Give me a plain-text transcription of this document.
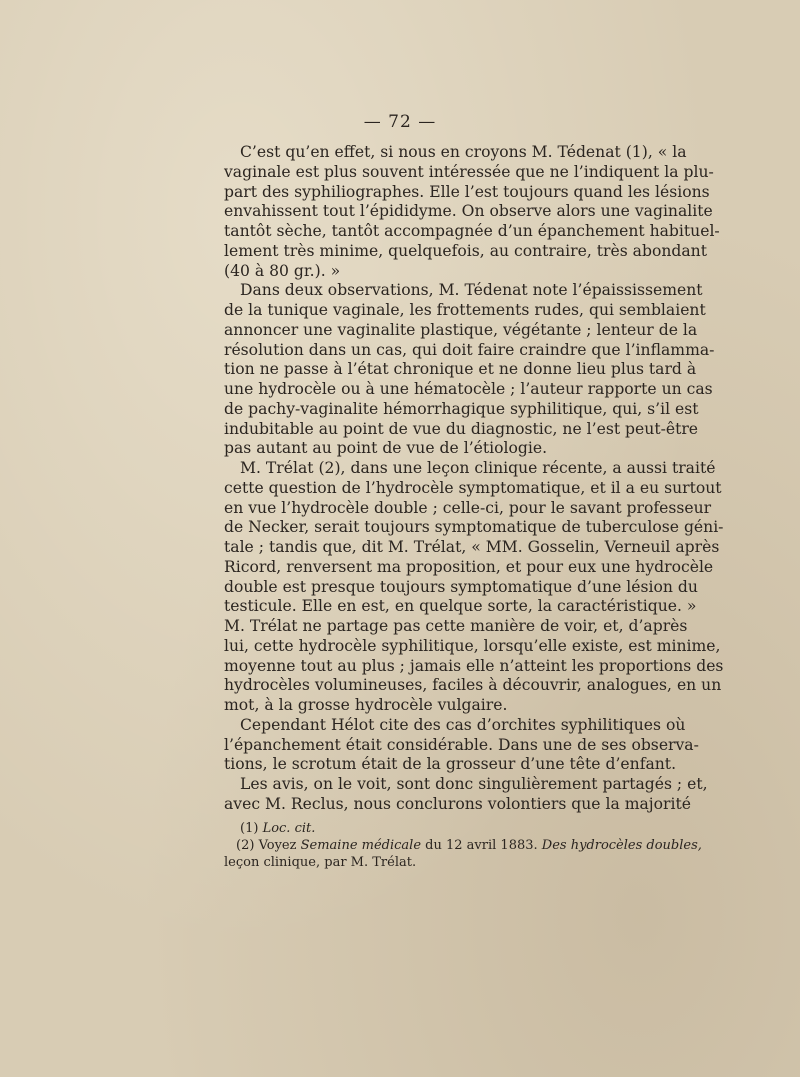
— 72 —
C’est qu’en effet, si nous en croyons M. Tédenat (1), « la
vaginale est plus souvent intéressée que ne l’indiquent la plu-
part des syphiliographes. Elle l’est toujours quand les lésions
envahissent tout l’épididyme. On observe alors une vaginalite
tantôt sèche, tantôt accompagnée d’un épanchement habituel-
lement très minime, quelquefois, au contraire, très abondant
(40 à 80 gr.). »
Dans deux observations, M. Tédenat note l’épaississement
de la tunique vaginale, les frottements rudes, qui semblaient
annoncer une vaginalite plastique, végétante ; lenteur de la
résolution dans un cas, qui doit faire craindre que l’inflamma-
tion ne passe à l’état chronique et ne donne lieu plus tard à
une hydrocèle ou à une hématocèle ; l’auteur rapporte un cas
de pachy-vaginalite hémorrhagique syphilitique, qui, s’il est
indubitable au point de vue du diagnostic, ne l’est peut-être
pas autant au point de vue de l’étiologie.
M. Trélat (2), dans une leçon clinique récente, a aussi traité
cette question de l’hydrocèle symptomatique, et il a eu surtout
en vue l’hydrocèle double ; celle-ci, pour le savant professeur
de Necker, serait toujours symptomatique de tuberculose géni-
tale ; tandis que, dit M. Trélat, « MM. Gosselin, Verneuil après
Ricord, renversent ma proposition, et pour eux une hydrocèle
double est presque toujours symptomatique d’une lésion du
testicule. Elle en est, en quelque sorte, la caractéristique. »
M. Trélat ne partage pas cette manière de voir, et, d’après
lui, cette hydrocèle syphilitique, lorsqu’elle existe, est minime,
moyenne tout au plus ; jamais elle n’atteint les proportions des
hydrocèles volumineuses, faciles à découvrir, analogues, en un
mot, à la grosse hydrocèle vulgaire.
Cependant Hélot cite des cas d’orchites syphilitiques où
l’épanchement était considérable. Dans une de ses observa-
tions, le scrotum était de la grosseur d’une tête d’enfant.
Les avis, on le voit, sont donc singulièrement partagés ; et,
avec M. Reclus, nous conclurons volontiers que la majorité
(1) Loc. cit.
(2) Voyez Semaine médicale du 12 avril 1883. Des hydrocèles doubles,
leçon clinique, par M. Trélat.
